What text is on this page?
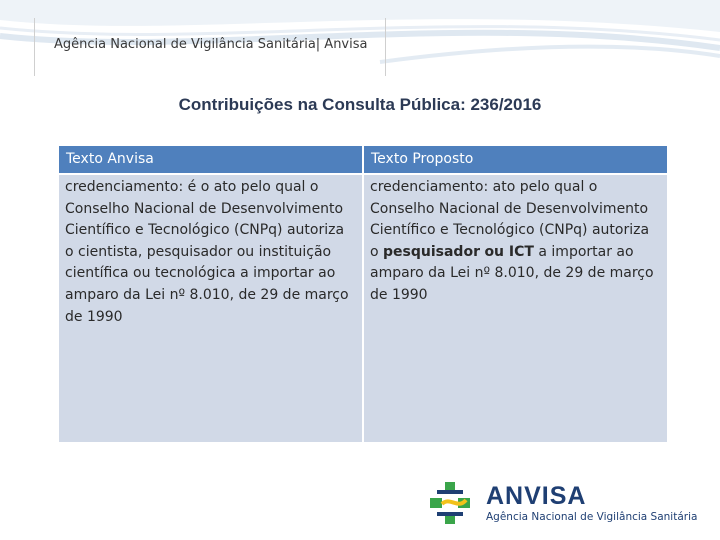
Agência Nacional de Vigilância Sanitária| Anvisa
Contribuições na Consulta Pública: 236/2016
Texto Anvisa	Texto Proposto
credenciamento: é o ato pelo qual o Conselho Nacional de Desenvolvimento Científico e Tecnológico (CNPq) autoriza o cientista, pesquisador ou instituição científica ou tecnológica a importar ao amparo da Lei nº 8.010, de 29 de março de 1990
credenciamento: ato pelo qual o Conselho Nacional de Desenvolvimento Científico e Tecnológico (CNPq) autoriza o pesquisador ou ICT a importar ao amparo da Lei nº 8.010, de 29 de março de 1990
ANVISA
Agência Nacional de Vigilância Sanitária
